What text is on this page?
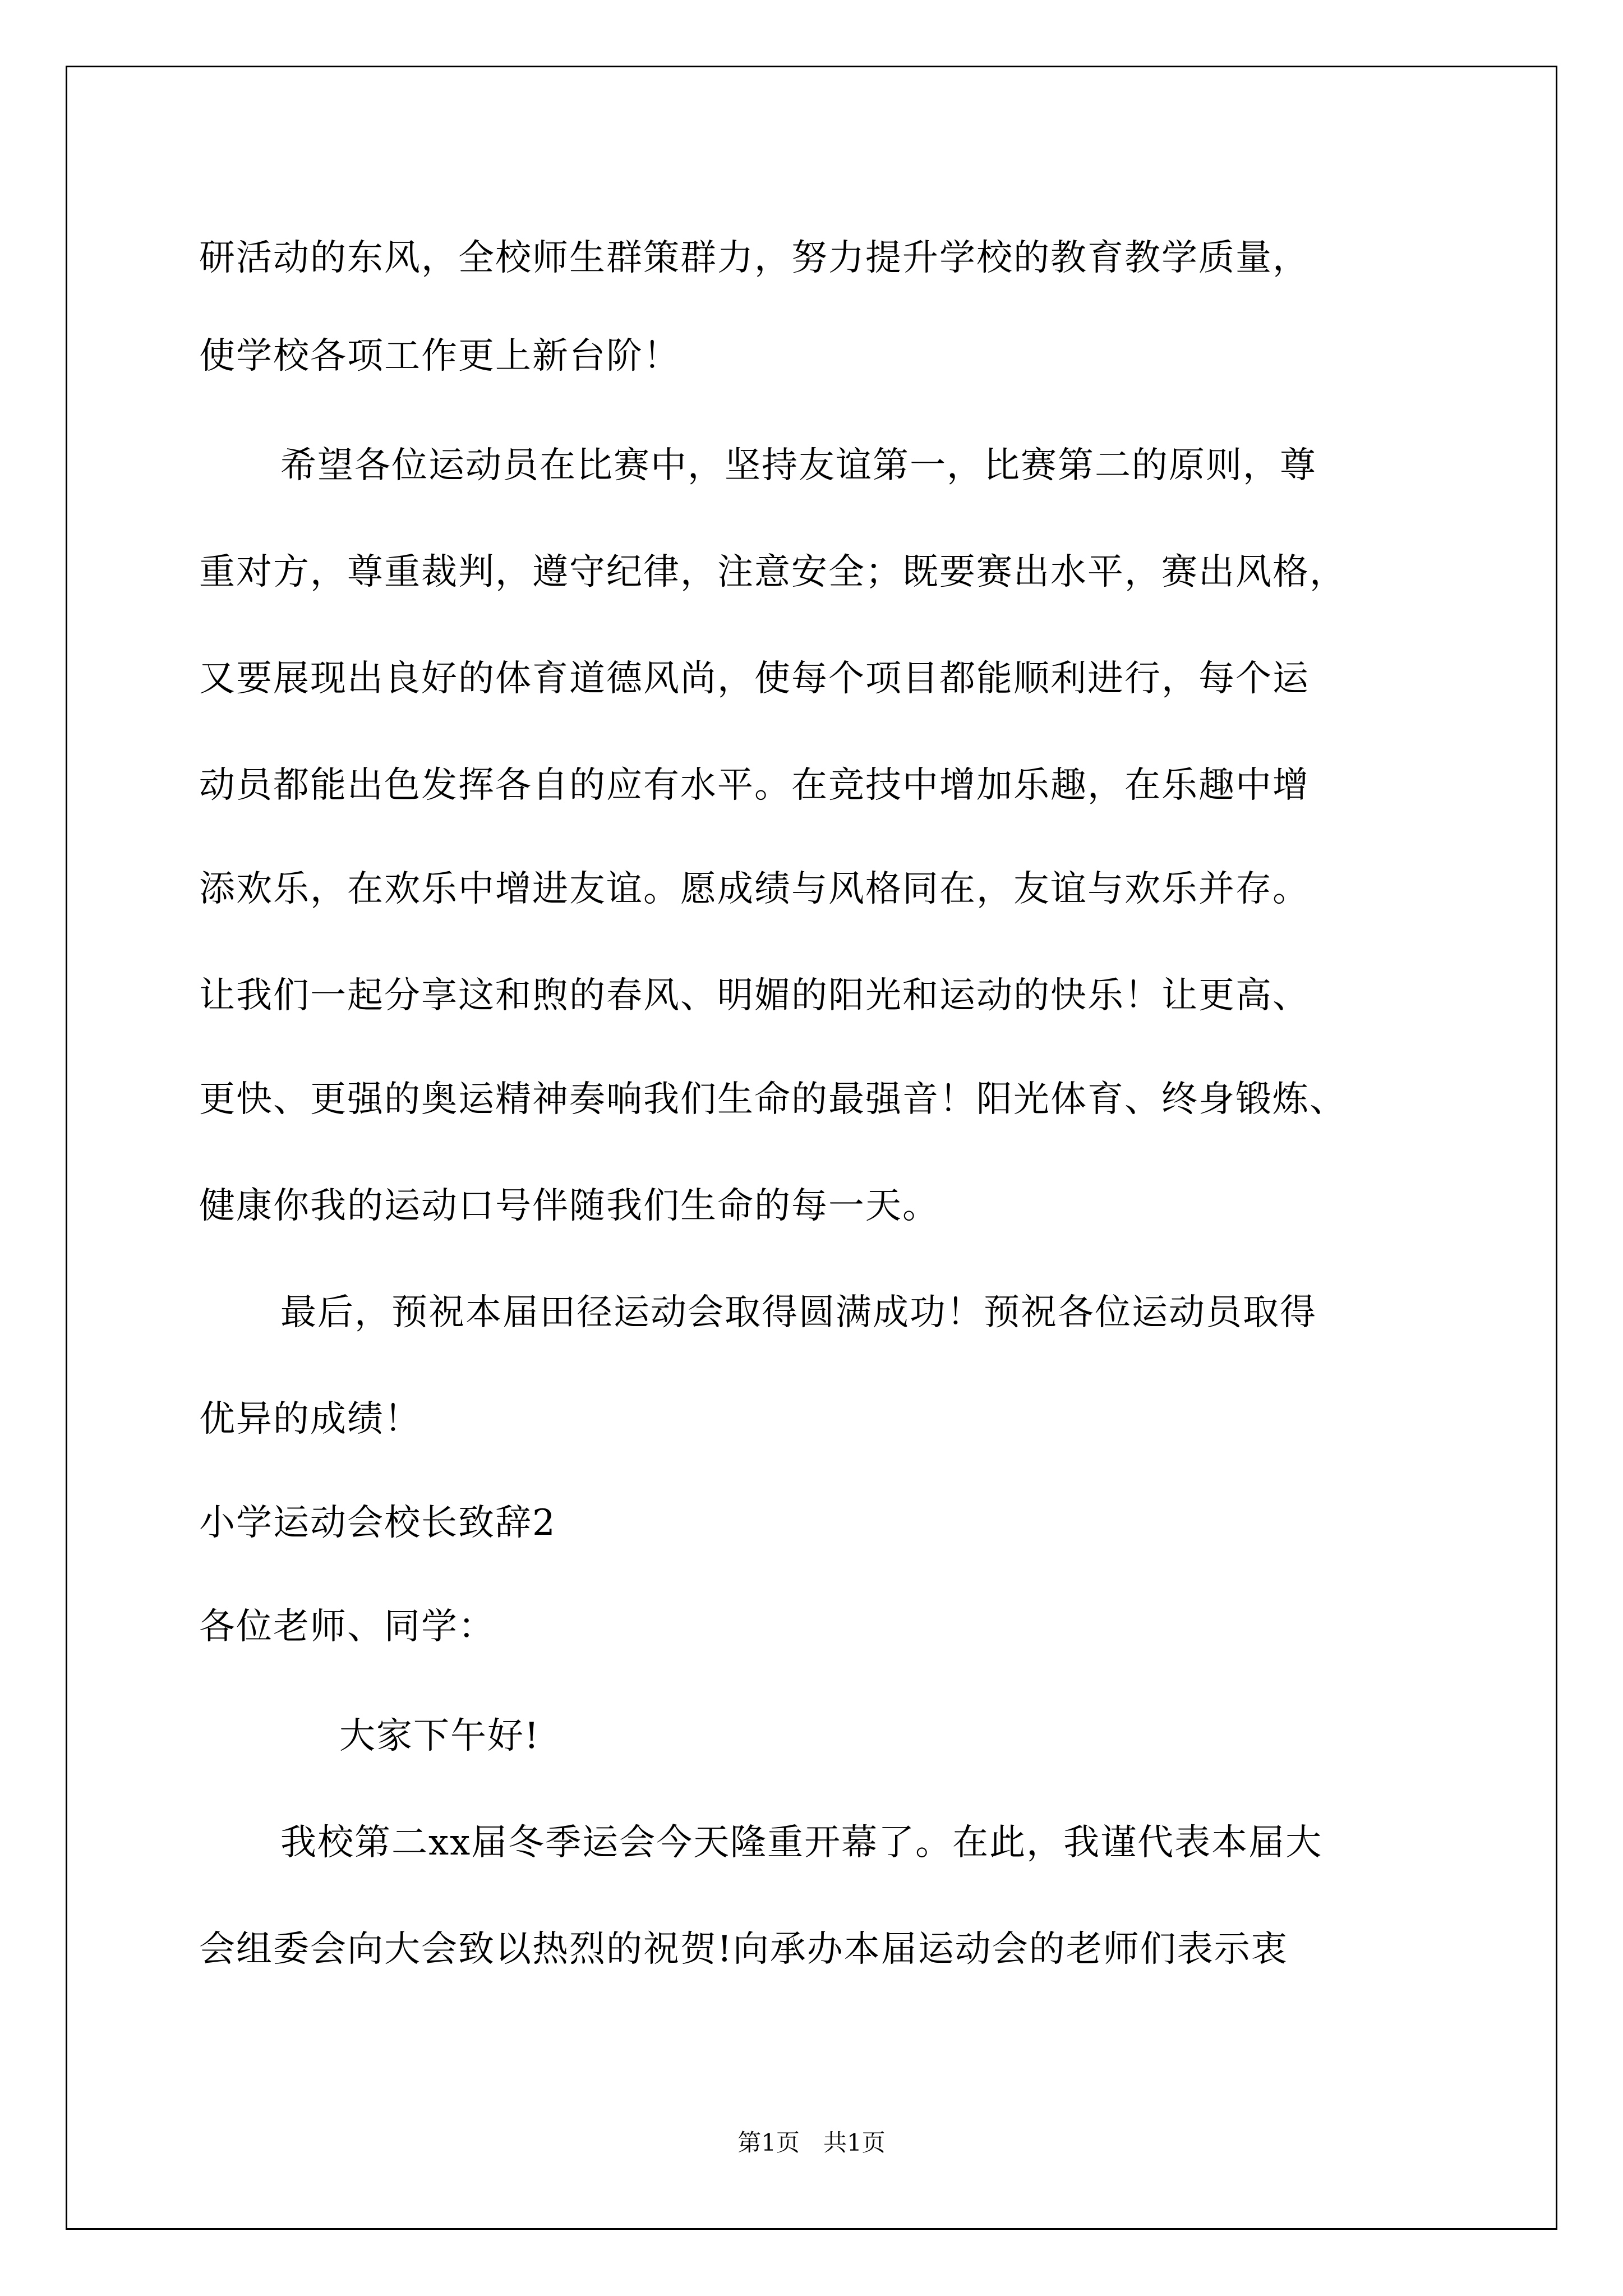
研活动的东风，全校师生群策群力，努力提升学校的教育教学质量，
使学校各项工作更上新台阶！
希望各位运动员在比赛中，坚持友谊第一，比赛第二的原则，尊
重对方，尊重裁判，遵守纪律，注意安全；既要赛出水平，赛出风格，
又要展现出良好的体育道德风尚，使每个项目都能顺利进行，每个运
动员都能出色发挥各自的应有水平。在竞技中增加乐趣，在乐趣中增
添欢乐，在欢乐中增进友谊。愿成绩与风格同在，友谊与欢乐并存。
让我们一起分享这和煦的春风、明媚的阳光和运动的快乐！让更高、
更快、更强的奥运精神奏响我们生命的最强音！阳光体育、终身锻炼、
健康你我的运动口号伴随我们生命的每一天。
最后，预祝本届田径运动会取得圆满成功！预祝各位运动员取得
优异的成绩！
小学运动会校长致辞2
各位老师、同学：
大家下午好!
我校第二xx届冬季运会今天隆重开幕了。在此，我谨代表本届大
会组委会向大会致以热烈的祝贺!向承办本届运动会的老师们表示衷
第1页　共1页
